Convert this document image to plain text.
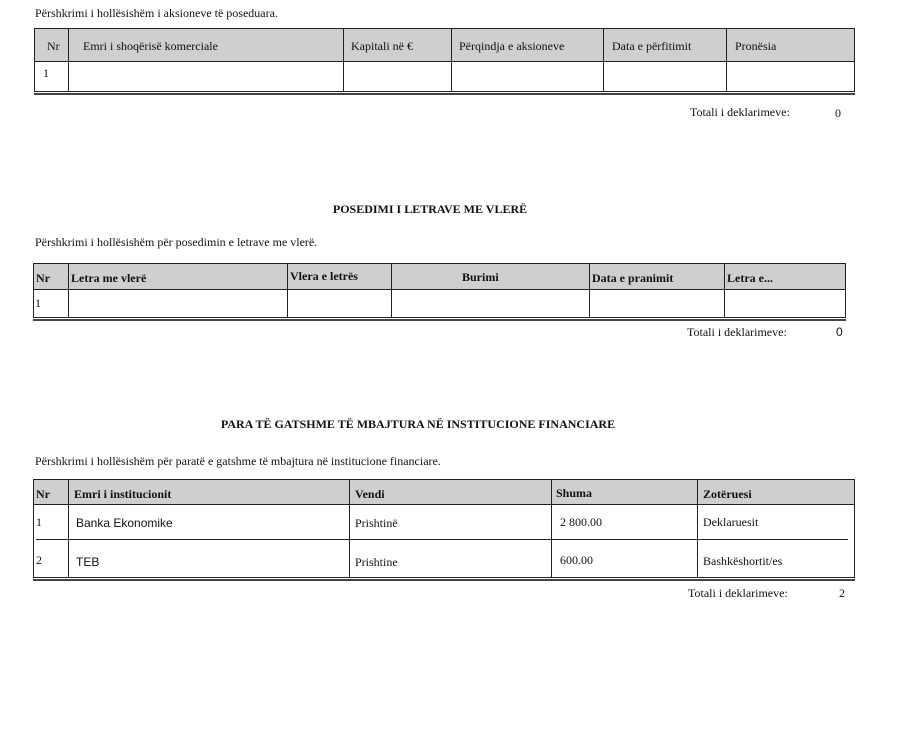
Përshkrimi i hollësishëm i aksioneve të poseduara.
Nr Emri i shoqërisë komerciale	Kapitali në €	Përqindja e aksioneve	Data e përfitimit	Pronësia
1
Totali i deklarimeve:	0
POSEDIMI I LETRAVE ME VLERË
Përshkrimi i hollësishëm për posedimin e letrave me vlerë.
Nr Letra me vlerë	Vlera e letrës	Burimi	Data e pranimit	Letra e...
1
Totali i deklarimeve:	0
PARA TË GATSHME TË MBAJTURA NË INSTITUCIONE FINANCIARE
Përshkrimi i hollësishëm për paratë e gatshme të mbajtura në institucione financiare.
Nr Emri i institucionit	Vendi	Shuma	Zotëruesi
1	Banka Ekonomike	Prishtinë	2 800.00	Deklaruesit
2	TEB	Prishtine	600.00	Bashkëshortit/es
Totali i deklarimeve:	2
